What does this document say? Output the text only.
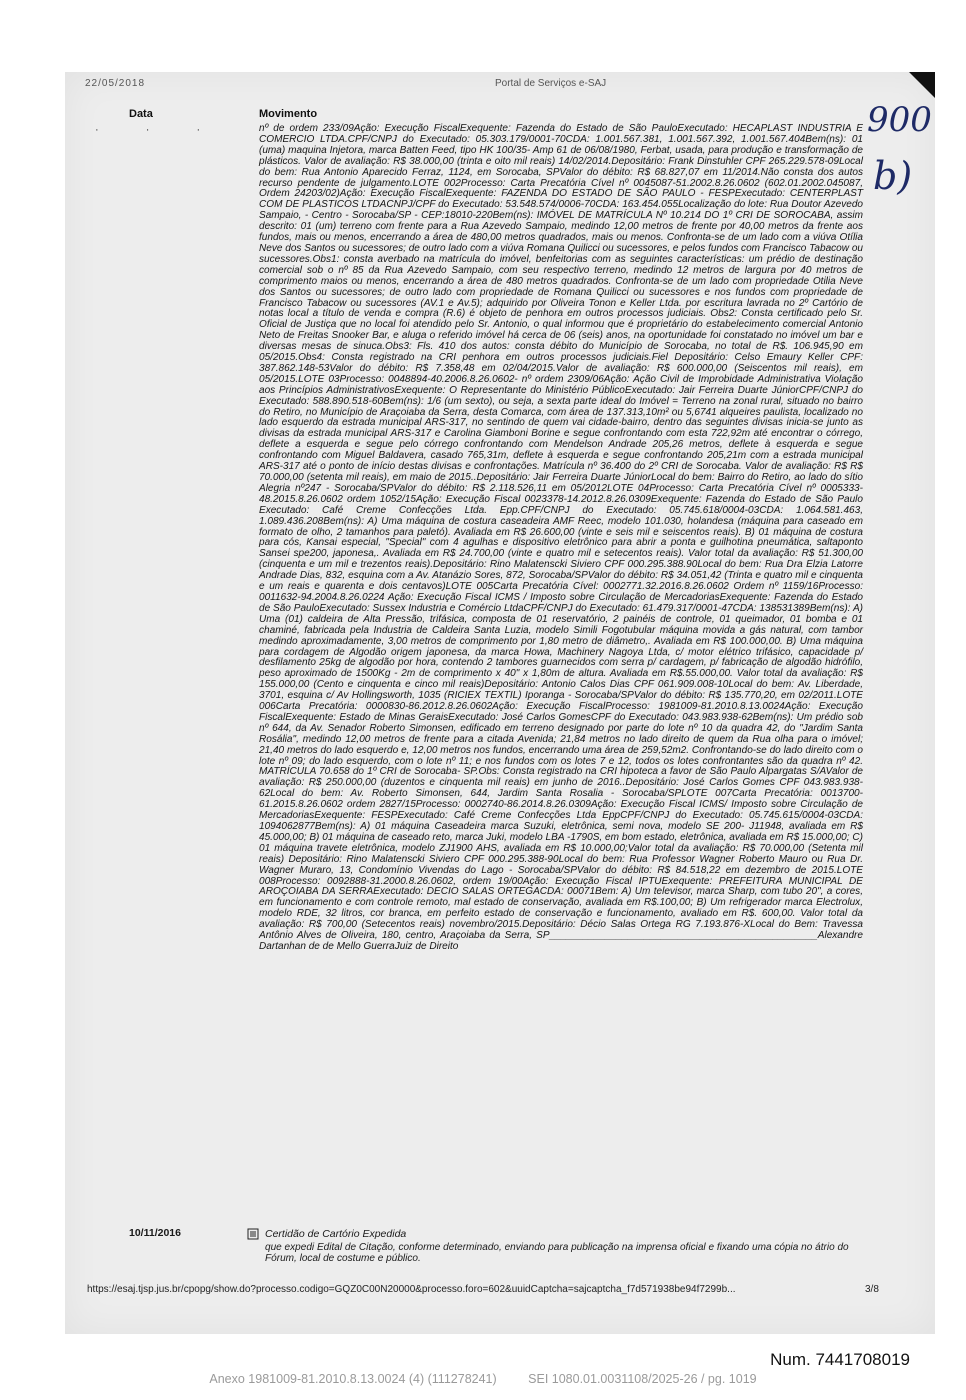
22/05/2018	Portal de Serviços e-SAJ
Data	Movimento
· · ·	nº de ordem 233/09Ação: Execução FiscalExequente: Fazenda do Estado de São PauloExecutado: HECAPLAST INDUSTRIA E COMERCIO LTDA.CPF/CNPJ do Executado: 05.303.179/0001-70CDA: 1.001.567.381, 1.001.567.392, 1.001.567.404Bem(ns): 01 (uma) maquina Injetora, marca Batten Feed, tipo HK 100/35- Amp 61 de 06/08/1980, Ferbat, usada, para produção e transformação de plásticos. Valor de avaliação: R$ 38.000,00 (trinta e oito mil reais) 14/02/2014.Depositário: Frank Dinstuhler CPF 265.229.578-09Local do bem: Rua Antonio Aparecido Ferraz, 1124, em Sorocaba, SPValor do débito: R$ 68.827,07 em 11/2014.Não consta dos autos recurso pendente de julgamento.LOTE 002Processo: Carta Precatória Cível nº 0045087-51.2002.8.26.0602 (602.01.2002.045087, Ordem 24203/02)Ação: Execução FiscalExequente: FAZENDA DO ESTADO DE SÃO PAULO - FESPExecutado: CENTERPLAST COM DE PLASTICOS LTDACNPJ/CPF do Executado: 53.548.574/0006-70CDA: 163.454.055Localização do lote: Rua Doutor Azevedo Sampaio, - Centro - Sorocaba/SP - CEP:18010-220Bem(ns): IMÓVEL DE MATRÍCULA Nº 10.214 DO 1º CRI DE SOROCABA, assim descrito: 01 (um) terreno com frente para a Rua Azevedo Sampaio, medindo 12,00 metros de frente por 40,00 metros da frente aos fundos, mais ou menos, encerrando a área de 480,00 metros quadrados, mais ou menos. Confronta-se de um lado com a viúva Otília Neve dos Santos ou sucessores; de outro lado com a viúva Romana Quilicci ou sucessores, e pelos fundos com Francisco Tabacow ou sucessores.Obs1: consta averbado na matrícula do imóvel, benfeitorias com as seguintes características: um prédio de destinação comercial sob o nº 85 da Rua Azevedo Sampaio, com seu respectivo terreno, medindo 12 metros de largura por 40 metros de comprimento maios ou menos, encerrando a área de 480 metros quadrados. Confronta-se de um lado com propriedade Otilia Neve dos Santos ou sucessores; de outro lado com propriedade de Romana Quilicci ou sucessores e nos fundos com propriedade de Francisco Tabacow ou sucessores (AV.1 e Av.5); adquirido por Oliveira Tonon e Keller Ltda. por escritura lavrada no 2º Cartório de notas local a título de venda e compra (R.6) é objeto de penhora em outros processos judiciais. Obs2: Consta certificado pelo Sr. Oficial de Justiça que no local foi atendido pelo Sr. Antonio, o qual informou que é proprietário do estabelecimento comercial Antonio Neto de Freitas Snooker Bar, e aluga o referido imóvel há cerca de 06 (seis) anos, na oportunidade foi constatado no imóvel um bar e diversas mesas de sinuca.Obs3: Fls. 410 dos autos: consta débito do Município de Sorocaba, no total de R$. 106.945,90 em 05/2015.Obs4: Consta registrado na CRI penhora em outros processos judiciais.Fiel Depositário: Celso Emaury Keller CPF: 387.862.148-53Valor do débito: R$ 7.358,48 em 02/04/2015.Valor de avaliação: R$ 600.000,00 (Seiscentos mil reais), em 05/2015.LOTE 03Processo: 0048894-40.2006.8.26.0602- nº ordem 2309/06Ação: Ação Civil de Improbidade Administrativa Violação aos Princípios AdministrativosExequente: O Representante do Ministério PúblicoExecutado: Jair Ferreira Duarte JúniorCPF/CNPJ do Executado: 588.890.518-60Bem(ns): 1/6 (um sexto), ou seja, a sexta parte ideal do Imóvel = Terreno na zonal rural, situado no bairro do Retiro, no Município de Araçoiaba da Serra, desta Comarca, com área de 137.313,10m² ou 5,6741 alqueires paulista, localizado no lado esquerdo da estrada municipal ARS-317, no sentindo de quem vai cidade-bairro, dentro das seguintes divisas inicia-se junto as divisas da estrada municipal ARS-317 e Carolina Giamboni Borine e segue confrontando com esta 722,92m até encontrar o córrego, deflete a esquerda e segue pelo córrego confrontando com Mendelson Andrade 205,26 metros, deflete à esquerda e segue confrontando com Miguel Baldavera, casado 765,31m, deflete à esquerda e segue confrontando 205,21m com a estrada municipal ARS-317 até o ponto de início destas divisas e confrontações. Matrícula nº 36.400 do 2º CRI de Sorocaba. Valor de avaliação: R$ R$ 70.000,00 (setenta mil reais), em maio de 2015..Depositário: Jair Ferreira Duarte JúniorLocal do bem: Bairro do Retiro, ao lado do sítio Alegria nº247 - Sorocaba/SPValor do débito: R$ 2.118.526,11 em 05/2012LOTE 04Processo: Carta Precatória Cível nº 0005333-48.2015.8.26.0602 ordem 1052/15Ação: Execução Fiscal 0023378-14.2012.8.26.0309Exequente: Fazenda do Estado de São Paulo Executado: Café Creme Confecções Ltda. Epp.CPF/CNPJ do Executado: 05.745.618/0004-03CDA: 1.064.581.463, 1.089.436.208Bem(ns): A) Uma máquina de costura caseadeira AMF Reec, modelo 101.030, holandesa (máquina para caseado em formato de olho, 2 tamanhos para paletó). Avaliada em R$ 26.600,00 (vinte e seis mil e seiscentos reais). B) 01 máquina de costura para cós, Kansai especial, "Special" com 4 agulhas e dispositivo eletrônico para abrir a ponta e guilhotina pneumática, saltaponto Sansei spe200, japonesa,. Avaliada em R$ 24.700,00 (vinte e quatro mil e setecentos reais). Valor total da avaliação: R$ 51.300,00 (cinquenta e um mil e trezentos reais).Depositário: Rino Malatenscki Siviero CPF 000.295.388.90Local do bem: Rua Dra Elzia Latorre Andrade Dias, 832, esquina com a Av. Atanázio Sores, 872, Sorocaba/SPValor do débito: R$ 34.051,42 (Trinta e quatro mil e cinquenta e um reais e quarenta e dois centavos)LOTE 005Carta Precatória Cível: 0002771.32.2016.8.26.0602 Ordem nº 1159/16Processo: 0011632-94.2004.8.26.0224 Ação: Execução Fiscal ICMS / Imposto sobre Circulação de MercadoriasExequente: Fazenda do Estado de São PauloExecutado: Sussex Industria e Comércio LtdaCPF/CNPJ do Executado: 61.479.317/0001-47CDA: 138531389Bem(ns): A) Uma (01) caldeira de Alta Pressão, trifásica, composta de 01 reservatório, 2 painéis de controle, 01 queimador, 01 bomba e 01 chaminé, fabricada pela Industria de Caldeira Santa Luzia, modelo Simili Fogotubular máquina movida a gás natural, com tambor medindo aproximadamente, 3,00 metros de comprimento por 1,80 metro de diâmetro,. Avaliada em R$ 100.000,00. B) Uma máquina para cordagem de Algodão origem japonesa, da marca Howa, Machinery Nagoya Ltda, c/ motor elétrico trifásico, capacidade p/ desfilamento 25kg de algodão por hora, contendo 2 tambores guarnecidos com serra p/ cardagem, p/ fabricação de algodão hidrófilo, peso aproximado de 1500Kg - 2m de comprimento x 40" x 1,80m de altura. Avaliada em R$.55.000,00. Valor total da avaliação: R$ 155.000,00 (Cento e cinquenta e cinco mil reais)Depositário: Antonio Calos Dias CPF 061.909.008-10Local do bem: Av. Liberdade, 3701, esquina c/ Av Hollingsworth, 1035 (RICIEX TEXTIL) Iporanga - Sorocaba/SPValor do débito: R$ 135.770,20, em 02/2011.LOTE 006Carta Precatória: 0000830-86.2012.8.26.0602Ação: Execução FiscalProcesso: 1981009-81.2010.8.13.0024Ação: Execução FiscalExequente: Estado de Minas GeraisExecutado: José Carlos GomesCPF do Executado: 043.983.938-62Bem(ns): Um prédio sob nº 644, da Av. Senador Roberto Simonsen, edificado em terreno designado por parte do lote nº 10 da quadra 42, do "Jardim Santa Rosália", medindo 12,00 metros de frente para a citada Avenida; 21,84 metros no lado direito de quem da Rua olha para o imóvel; 21,40 metros do lado esquerdo e, 12,00 metros nos fundos, encerrando uma área de 259,52m2. Confrontando-se do lado direito com o lote nº 09; do lado esquerdo, com o lote nº 11; e nos fundos com os lotes 7 e 12, todos os lotes confrontantes são da quadra nº 42. MATRÍCULA 70.658 do 1º CRI de Sorocaba- SP.Obs: Consta registrado na CRI hipoteca a favor de São Paulo Alpargatas S/AValor de avaliação: R$ 250.000,00 (duzentos e cinquenta mil reais) em junho de 2016..Depositário: José Carlos Gomes CPF 043.983.938-62Local do bem: Av. Roberto Simonsen, 644, Jardim Santa Rosalia - Sorocaba/SPLOTE 007Carta Precatória: 0013700-61.2015.8.26.0602 ordem 2827/15Processo: 0002740-86.2014.8.26.0309Ação: Execução Fiscal ICMS/ Imposto sobre Circulação de MercadoriasExequente: FESPExecutado: Café Creme Confecções Ltda EppCPF/CNPJ do Executado: 05.745.615/0004-03CDA: 1094062877Bem(ns): A) 01 máquina Caseadeira marca Suzuki, eletrônica, semi nova, modelo SE 200- J11948, avaliada em R$ 45.000,00; B) 01 máquina de caseado reto, marca Juki, modelo LBA -1790S, em bom estado, eletrônica, avaliada em R$ 15.000,00; C) 01 máquina travete eletrônica, modelo ZJ1900 AHS, avaliada em R$ 10.000,00;Valor total da avaliação: R$ 70.000,00 (Setenta mil reais) Depositário: Rino Malatenscki Siviero CPF 000.295.388-90Local do bem: Rua Professor Wagner Roberto Mauro ou Rua Dr. Wagner Muraro, 13, Condomínio Vivendas do Lago - Sorocaba/SPValor do débito: R$ 84.518,22 em dezembro de 2015.LOTE 008Processo: 0092888-31.2000.8.26.0602, ordem 19/00Ação: Execução Fiscal IPTUExequente: PREFEITURA MUNICIPAL DE AROÇOIABA DA SERRAExecutado: DECIO SALAS ORTEGACDA: 00071Bem: A) Um televisor, marca Sharp, com tubo 20", a cores, em funcionamento e com controle remoto, mal estado de conservação, avaliada em R$.100,00; B) Um refrigerador marca Electrolux, modelo RDE, 32 litros, cor branca, em perfeito estado de conservação e funcionamento, avaliado em R$. 600,00. Valor total da avaliação: R$ 700,00 (Setecentos reais) novembro/2015.Depositário: Décio Salas Ortega RG 7.193.876-XLocal do Bem: Travessa Antônio Alves de Oliveira, 180, centro, Araçoiaba da Serra, SP________________________________________________Alexandre Dartanhan de de Mello GuerraJuiz de Direito
900
b)
10/11/2016	Certidão de Cartório Expedida
que expedi Edital de Citação, conforme determinado, enviando para publicação na imprensa oficial e fixando uma cópia no átrio do Fórum, local de costume e público.
https://esaj.tjsp.jus.br/cpopg/show.do?processo.codigo=GQZ0C00N20000&processo.foro=602&uuidCaptcha=sajcaptcha_f7d571938be94f7299b...	3/8
Num. 7441708019
Anexo 1981009-81.2010.8.13.0024 (4) (111278241)	SEI 1080.01.0031108/2025-26 / pg. 1019
